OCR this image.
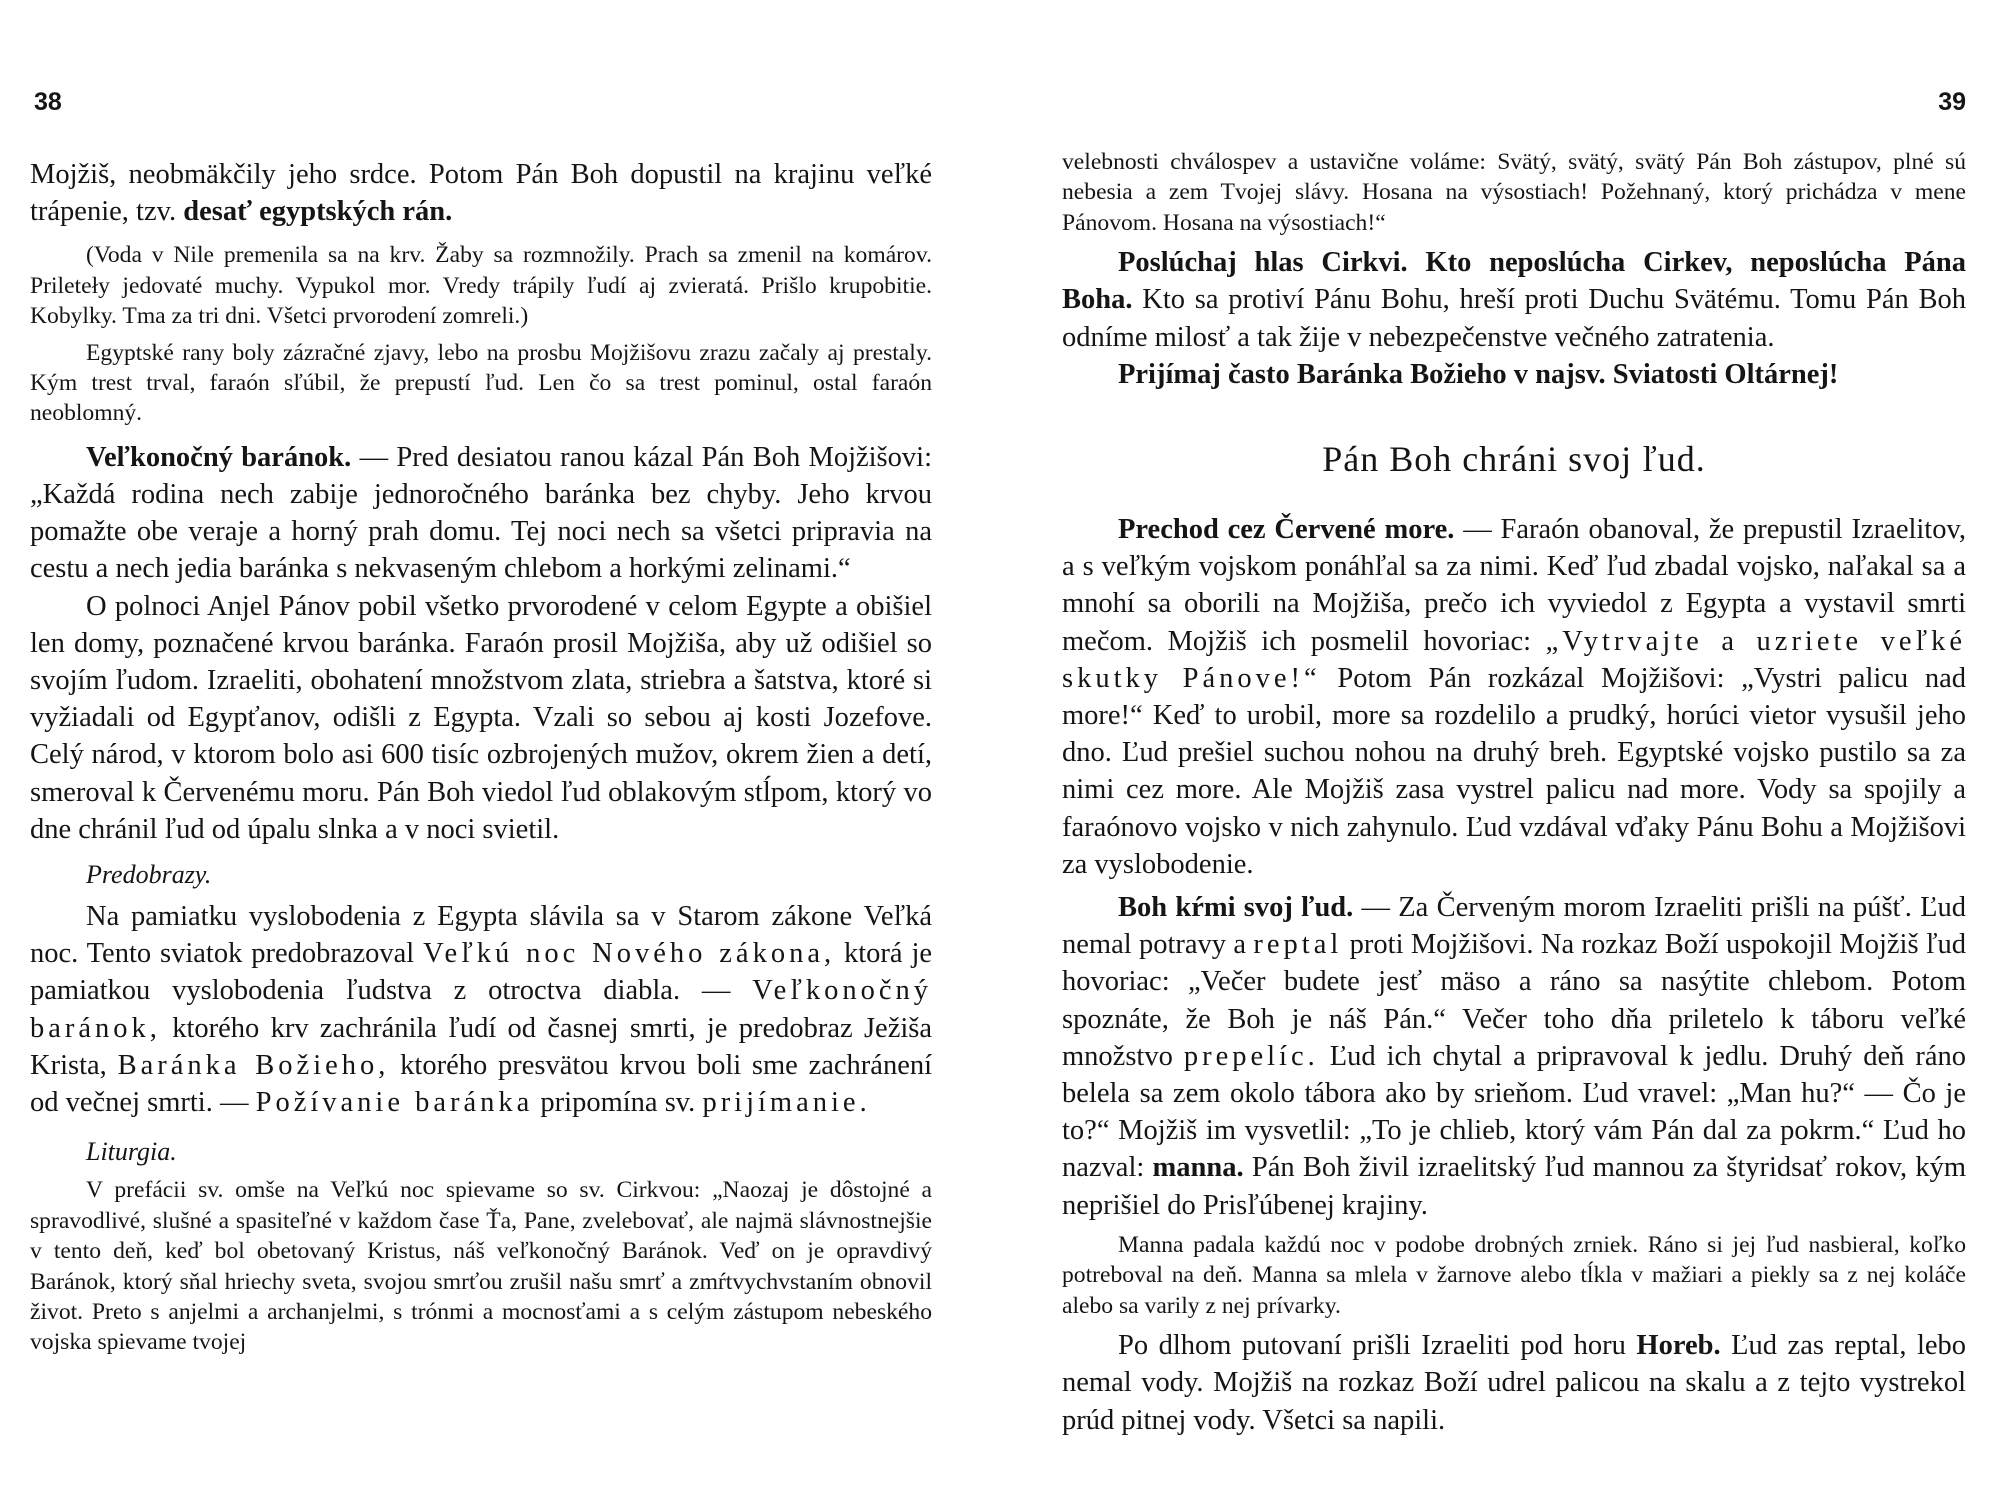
38

Mojžiš, neobmäkčily jeho srdce. Potom Pán Boh dopustil na krajinu veľké trápenie, tzv. desať egyptských rán.

(Voda v Nile premenila sa na krv. Žaby sa rozmnožily. Prach sa zmenil na komárov. Prileteły jedovaté muchy. Vypukol mor. Vredy trápily ľudí aj zvieratá. Prišlo krupobitie. Kobylky. Tma za tri dni. Všetci prvorodení zomreli.)

Egyptské rany boly zázračné zjavy, lebo na prosbu Mojžišovu zrazu začaly aj prestaly. Kým trest trval, faraón sľúbil, že prepustí ľud. Len čo sa trest pominul, ostal faraón neoblomný.

Veľkonočný baránok. — Pred desiatou ranou kázal Pán Boh Mojžišovi: „Každá rodina nech zabije jednoročného baránka bez chyby. Jeho krvou pomažte obe veraje a horný prah domu. Tej noci nech sa všetci pripravia na cestu a nech jedia baránka s nekvaseným chlebom a horkými zelinami.“

O polnoci Anjel Pánov pobil všetko prvorodené v celom Egypte a obišiel len domy, poznačené krvou baránka. Faraón prosil Mojžiša, aby už odišiel so svojím ľudom. Izraeliti, obohatení množstvom zlata, striebra a šatstva, ktoré si vyžiadali od Egypťanov, odišli z Egypta. Vzali so sebou aj kosti Jozefove. Celý národ, v ktorom bolo asi 600 tisíc ozbrojených mužov, okrem žien a detí, smeroval k Červenému moru. Pán Boh viedol ľud oblakovým stĺpom, ktorý vo dne chránil ľud od úpalu slnka a v noci svietil.

Predobrazy.

Na pamiatku vyslobodenia z Egypta slávila sa v Starom zákone Veľká noc. Tento sviatok predobrazoval Veľkú noc Nového zákona, ktorá je pamiatkou vyslobodenia ľudstva z otroctva diabla. — Veľkonočný baránok, ktorého krv zachránila ľudí od časnej smrti, je predobraz Ježiša Krista, Baránka Božieho, ktorého presvätou krvou boli sme zachránení od večnej smrti. — Požívanie baránka pripomína sv. prijímanie.

Liturgia.

V prefácii sv. omše na Veľkú noc spievame so sv. Cirkvou: „Naozaj je dôstojné a spravodlivé, slušné a spasiteľné v každom čase Ťa, Pane, zvelebovať, ale najmä slávnostnejšie v tento deň, keď bol obetovaný Kristus, náš veľkonočný Baránok. Veď on je opravdivý Baránok, ktorý sňal hriechy sveta, svojou smrťou zrušil našu smrť a zmŕtvychvstaním obnovil život. Preto s anjelmi a archanjelmi, s trónmi a mocnosťami a s celým zástupom nebeského vojska spievame tvojej

39

velebnosti chválospev a ustavične voláme: Svätý, svätý, svätý Pán Boh zástupov, plné sú nebesia a zem Tvojej slávy. Hosana na výsostiach! Požehnaný, ktorý prichádza v mene Pánovom. Hosana na výsostiach!“

Poslúchaj hlas Cirkvi. Kto neposlúcha Cirkev, neposlúcha Pána Boha. Kto sa protiví Pánu Bohu, hreší proti Duchu Svätému. Tomu Pán Boh odníme milosť a tak žije v nebezpečenstve večného zatratenia.

Prijímaj často Baránka Božieho v najsv. Sviatosti Oltárnej!

Pán Boh chráni svoj ľud.

Prechod cez Červené more. — Faraón obanoval, že prepustil Izraelitov, a s veľkým vojskom ponáhľal sa za nimi. Keď ľud zbadal vojsko, naľakal sa a mnohí sa oborili na Mojžiša, prečo ich vyviedol z Egypta a vystavil smrti mečom. Mojžiš ich posmelil hovoriac: „Vytrvajte a uzriete veľké skutky Pánove!“ Potom Pán rozkázal Mojžišovi: „Vystri palicu nad more!“ Keď to urobil, more sa rozdelilo a prudký, horúci vietor vysušil jeho dno. Ľud prešiel suchou nohou na druhý breh. Egyptské vojsko pustilo sa za nimi cez more. Ale Mojžiš zasa vystrel palicu nad more. Vody sa spojily a faraónovo vojsko v nich zahynulo. Ľud vzdával vďaky Pánu Bohu a Mojžišovi za vyslobodenie.

Boh kŕmi svoj ľud. — Za Červeným morom Izraeliti prišli na púšť. Ľud nemal potravy a reptal proti Mojžišovi. Na rozkaz Boží uspokojil Mojžiš ľud hovoriac: „Večer budete jesť mäso a ráno sa nasýtite chlebom. Potom spoznáte, že Boh je náš Pán.“ Večer toho dňa priletelo k táboru veľké množstvo prepelíc. Ľud ich chytal a pripravoval k jedlu. Druhý deň ráno belela sa zem okolo tábora ako by srieňom. Ľud vravel: „Man hu?“ — Čo je to?“ Mojžiš im vysvetlil: „To je chlieb, ktorý vám Pán dal za pokrm.“ Ľud ho nazval: manna. Pán Boh živil izraelitský ľud mannou za štyridsať rokov, kým neprišiel do Prisľúbenej krajiny.

Manna padala každú noc v podobe drobných zrniek. Ráno si jej ľud nasbieral, koľko potreboval na deň. Manna sa mlela v žarnove alebo tĺkla v mažiari a piekly sa z nej koláče alebo sa varily z nej prívarky.

Po dlhom putovaní prišli Izraeliti pod horu Horeb. Ľud zas reptal, lebo nemal vody. Mojžiš na rozkaz Boží udrel palicou na skalu a z tejto vystrekol prúd pitnej vody. Všetci sa napili.
